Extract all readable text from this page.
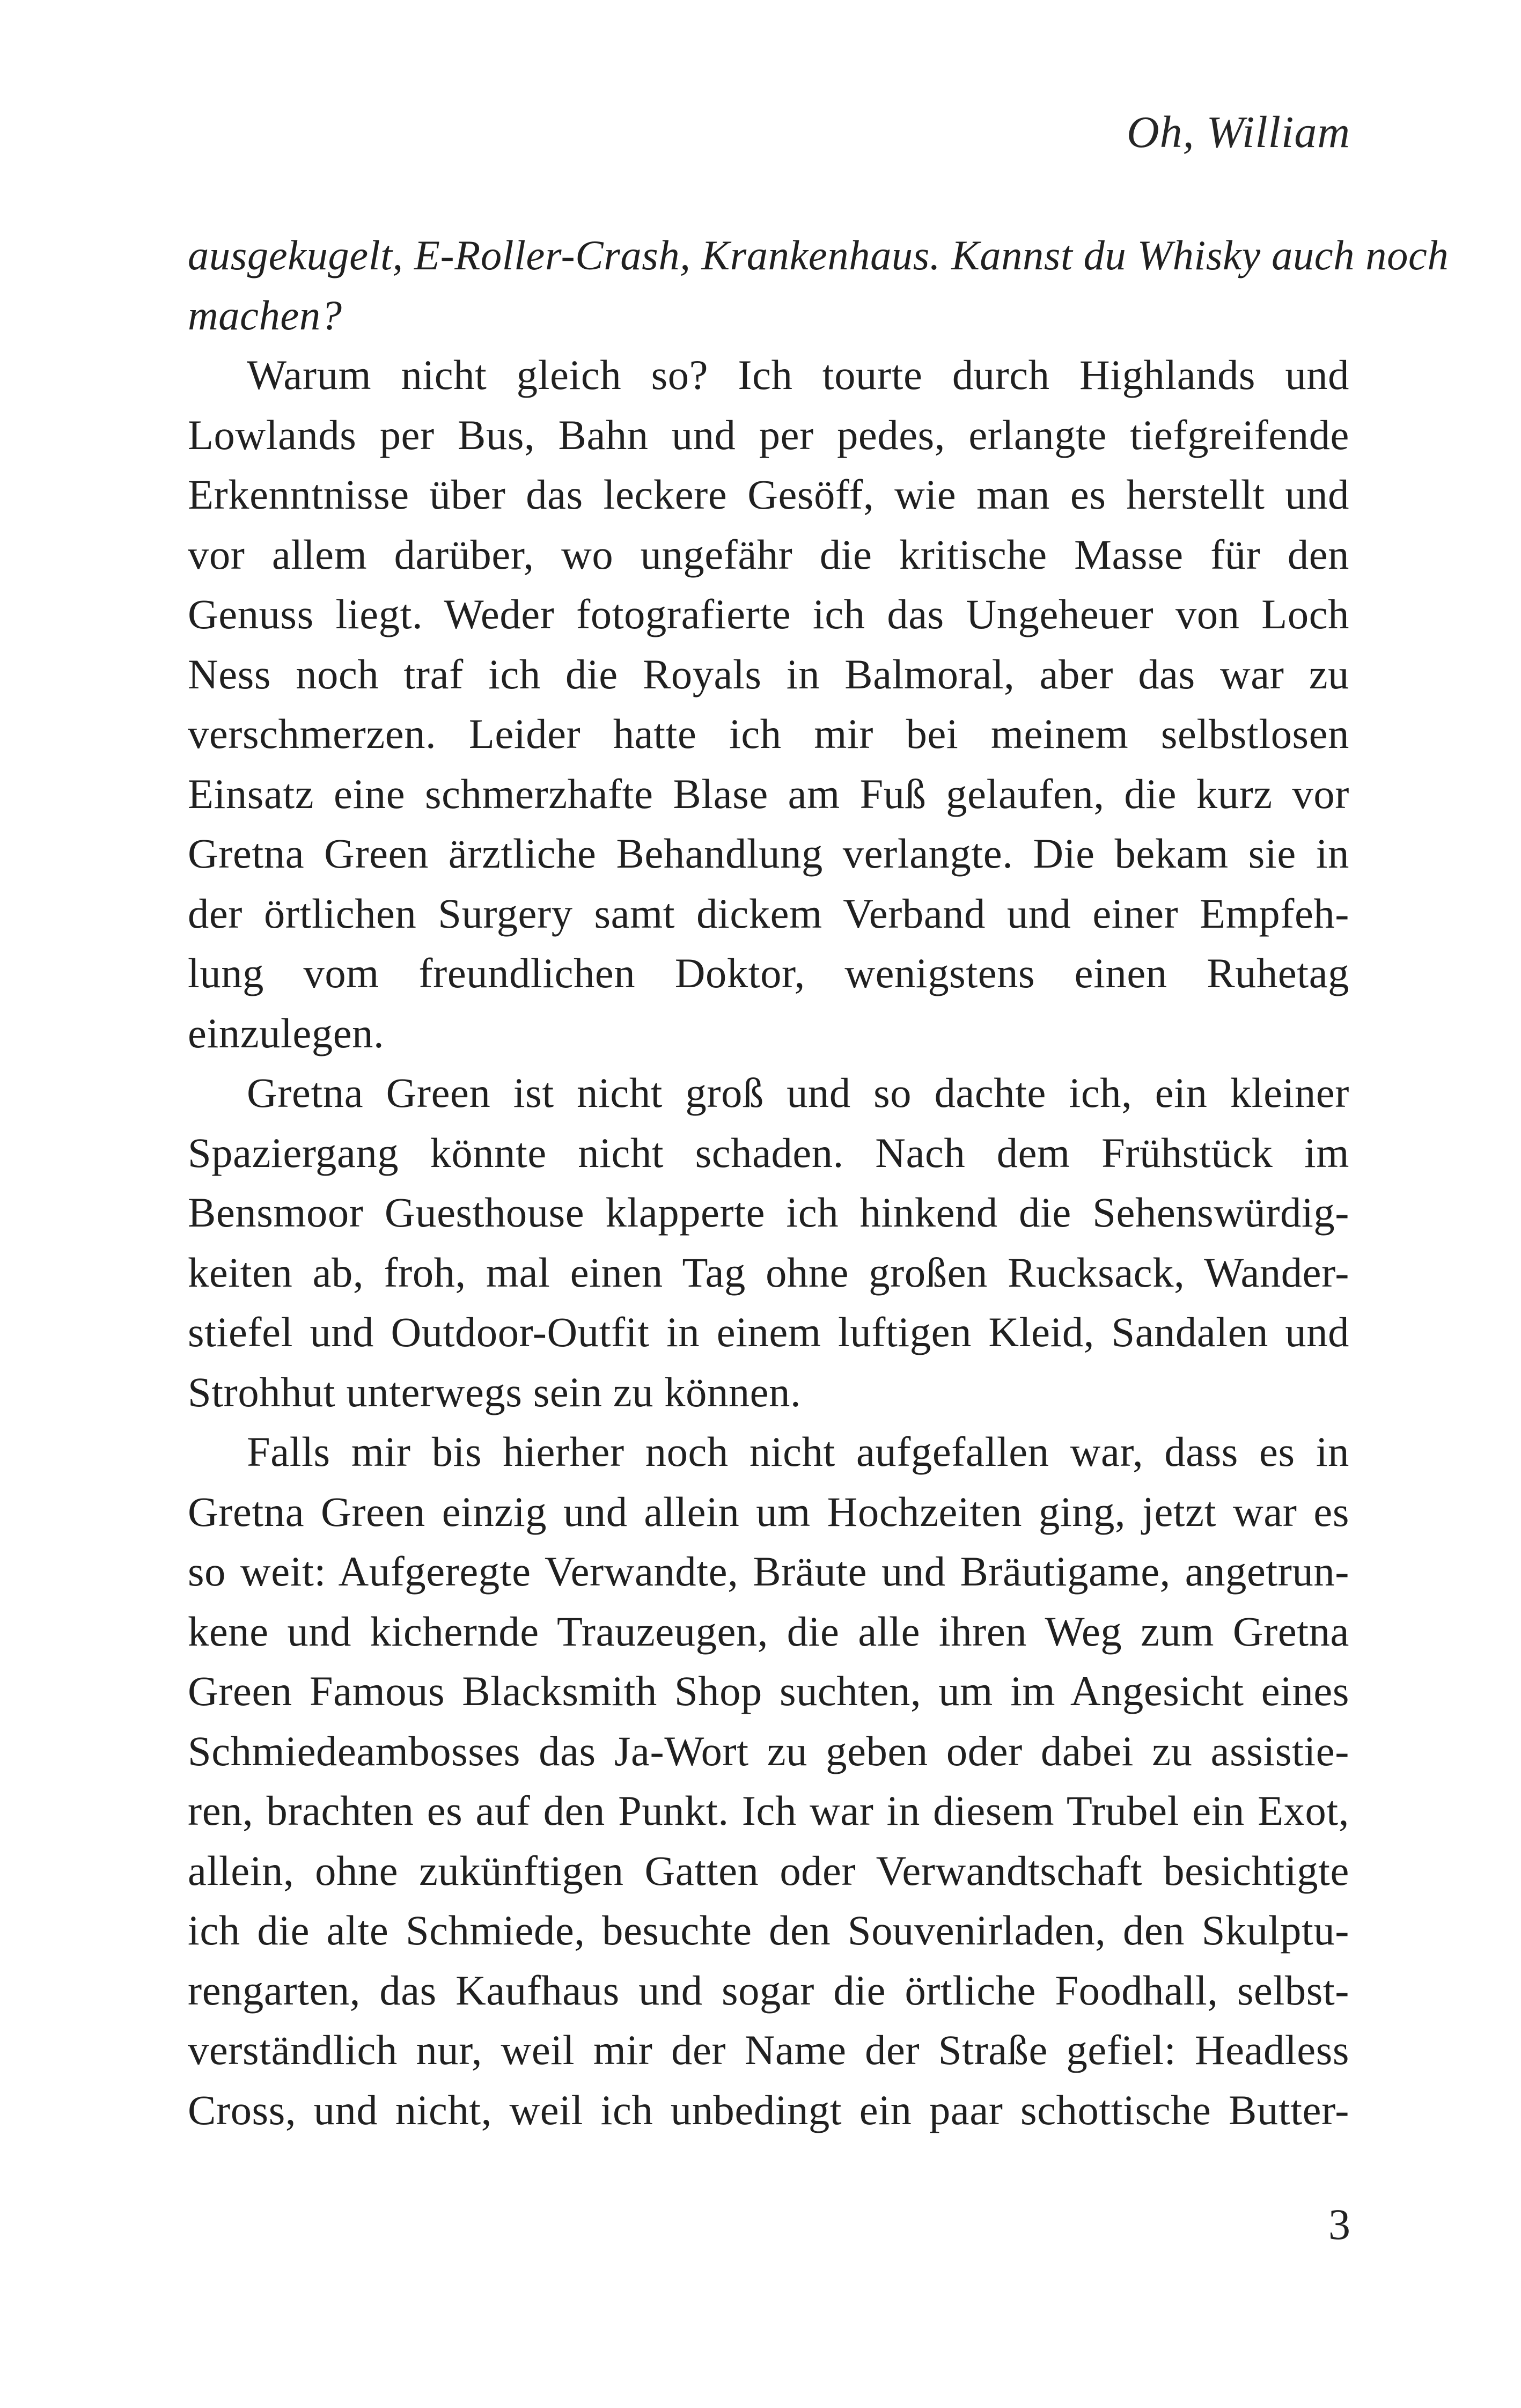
Oh, William
ausgekugelt, E-Roller-Crash, Krankenhaus. Kannst du Whisky auch noch
machen?
Warum nicht gleich so? Ich tourte durch Highlands und
Lowlands per Bus, Bahn und per pedes, erlangte tiefgreifende
Erkenntnisse über das leckere Gesöff, wie man es herstellt und
vor allem darüber, wo ungefähr die kritische Masse für den
Genuss liegt. Weder fotografierte ich das Ungeheuer von Loch
Ness noch traf ich die Royals in Balmoral, aber das war zu
verschmerzen. Leider hatte ich mir bei meinem selbstlosen
Einsatz eine schmerzhafte Blase am Fuß gelaufen, die kurz vor
Gretna Green ärztliche Behandlung verlangte. Die bekam sie in
der örtlichen Surgery samt dickem Verband und einer Empfeh-
lung vom freundlichen Doktor, wenigstens einen Ruhetag
einzulegen.
Gretna Green ist nicht groß und so dachte ich, ein kleiner
Spaziergang könnte nicht schaden. Nach dem Frühstück im
Bensmoor Guesthouse klapperte ich hinkend die Sehenswürdig-
keiten ab, froh, mal einen Tag ohne großen Rucksack, Wander-
stiefel und Outdoor-Outfit in einem luftigen Kleid, Sandalen und
Strohhut unterwegs sein zu können.
Falls mir bis hierher noch nicht aufgefallen war, dass es in
Gretna Green einzig und allein um Hochzeiten ging, jetzt war es
so weit: Aufgeregte Verwandte, Bräute und Bräutigame, angetrun-
kene und kichernde Trauzeugen, die alle ihren Weg zum Gretna
Green Famous Blacksmith Shop suchten, um im Angesicht eines
Schmiedeambosses das Ja-Wort zu geben oder dabei zu assistie-
ren, brachten es auf den Punkt. Ich war in diesem Trubel ein Exot,
allein, ohne zukünftigen Gatten oder Verwandtschaft besichtigte
ich die alte Schmiede, besuchte den Souvenirladen, den Skulptu-
rengarten, das Kaufhaus und sogar die örtliche Foodhall, selbst-
verständlich nur, weil mir der Name der Straße gefiel: Headless
Cross, und nicht, weil ich unbedingt ein paar schottische Butter-
3
